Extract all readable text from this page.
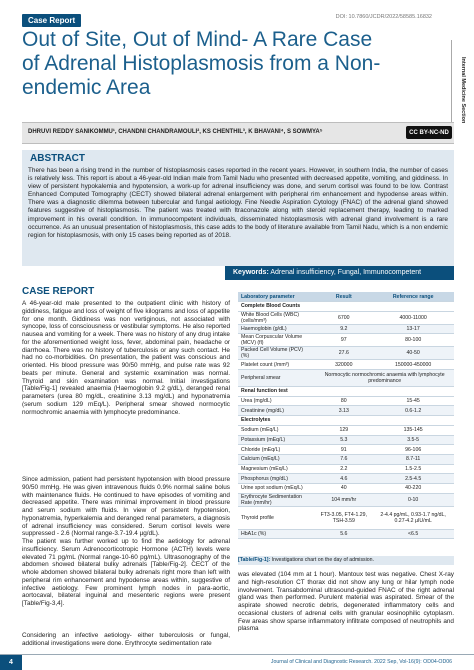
Case Report	DOI: 10.7860/JCDR/2022/58585.16832
Internal Medicine Section
Out of Site, Out of Mind- A Rare Case of Adrenal Histoplasmosis from a Non-endemic Area
DHRUVI REDDY SANIKOMMU¹, CHANDNI CHANDRAMOULI², KS CHENTHIL³, K BHAVANI⁴, S SOWMYA⁵	CC BY-NC-ND
ABSTRACT
There has been a rising trend in the number of histoplasmosis cases reported in the recent years. However, in southern India, the number of cases is relatively less. This report is about a 46-year-old Indian male from Tamil Nadu who presented with decreased appetite, vomiting, and giddiness. In view of persistent hypokalemia and hypotension, a work-up for adrenal insufficiency was done, and serum cortisol was found to be low. Contrast Enhanced Computed Tomography (CECT) showed bilateral adrenal enlargement with peripheral rim enhancement and hypodense areas within. There was a diagnostic dilemma between tubercular and fungal aetiology. Fine Needle Aspiration Cytology (FNAC) of the adrenal gland showed features suggestive of histoplasmosis. The patient was treated with Itraconazole along with steroid replacement therapy, leading to marked improvement in his overall condition. In immunocompetent individuals, disseminated histoplasmosis with adrenal gland involvement is a rare occurrence. As an unusual presentation of histoplasmosis, this case adds to the body of literature available from Tamil Nadu, which is a non endemic region for histoplasmosis, with only 15 cases being reported as of 2018.
Keywords: Adrenal insufficiency, Fungal, Immunocompetent
CASE REPORT
A 46-year-old male presented to the outpatient clinic with history of giddiness, fatigue and loss of weight of five kilograms and loss of appetite for one month. Giddiness was non vertiginous, not associated with syncope, loss of consciousness or vestibular symptoms. He also reported nausea and vomiting for a week. There was no history of any drug intake for the aforementioned weight loss, fever, abdominal pain, headache or diarrhoea. There was no history of tuberculosis or any such contact. He had no co-morbidities. On presentation, the patient was conscious and oriented. His blood pressure was 90/50 mmHg, and pulse rate was 92 beats per minute. General and systemic examination was normal. Thyroid and skin examination was normal. Initial investigations [Table/Fig-1] revealed anaemia (Haemoglobin 9.2 g/dL), deranged renal parameters (urea 80 mg/dL, creatinine 3.13 mg/dL) and hyponatremia (serum sodium 129 mEq/L). Peripheral smear showed normocytic normochromic anaemia with lymphocyte predominance.
Since admission, patient had persistent hypotension with blood pressure 90/50 mmHg. He was given intravenous fluids 0.9% normal saline bolus with maintenance fluids. He continued to have episodes of vomiting and decreased appetite. There was minimal improvement in blood pressure and serum sodium with fluids. In view of persistent hypotension, hyponatremia, hyperkalemia and deranged renal parameters, a diagnosis of adrenal insufficiency was considered. Serum cortisol levels were suppressed - 2.6 (Normal range-3.7-19.4 µg/dL).
The patient was further worked up to find the aetiology for adrenal insufficiency. Serum Adrenocorticotropic Hormone (ACTH) levels were elevated 71 pg/mL (Normal range-10-60 pg/mL). Ultrasonography of the abdomen showed bilateral bulky adrenals [Table/Fig-2]. CECT of the whole abdomen showed bilateral bulky adrenals right more than left with peripheral rim enhancement and hypodense areas within, suggestive of infective aetiology. Few prominent lymph nodes in para-aortic, aortocaval, bilateral inguinal and mesenteric regions were present [Table/Fig-3,4].
Considering an infective aetiology- either tuberculosis or fungal, additional investigations were done. Erythrocyte sedimentation rate
Laboratory parameter	Result	Reference range
Complete Blood Counts		
White Blood Cells (WBC) (cells/mm³)	6700	4000-11000
Haemoglobin (g/dL)	9.2	13-17
Mean Corpuscular Volume (MCV) (fl)	97	80-100
Packed Cell Volume (PCV) (%)	27.6	40-50
Platelet count (/mm³)	320000	150000-450000
Peripheral smear	Normocytic normochromic anaemia with lymphocyte predominance	
Renal function test		
Urea (mg/dL)	80	15-45
Creatinine (mg/dL)	3.13	0.6-1.2
Electrolytes		
Sodium (mEq/L)	129	135-145
Potassium (mEq/L)	5.3	3.5-5
Chloride (mEq/L)	91	96-106
Calcium (mEq/L)	7.6	8.7-11
Magnesium (mEq/L)	2.2	1.5-2.5
Phosphorus (mg/dL)	4.6	2.5-4.5
Urine spot sodium (mEq/L)	40	40-220
Erythrocyte Sedimentation Rate (mm/hr)	104 mm/hr	0-10
Thyroid profile	FT3-3.05, FT4-1.29, TSH-3.59	2-4.4 pg/mL, 0.93-1.7 ng/dL, 0.27-4.2 µIU/mL
HbA1c (%)	5.6	<6.5
[Table/Fig-1]: Investigations chart on the day of admission.
was elevated (104 mm at 1 hour). Mantoux test was negative. Chest X-ray and high-resolution CT thorax did not show any lung or hilar lymph node involvement. Transabdominal ultrasound-guided FNAC of the right adrenal gland was then performed. Purulent material was aspirated. Smear of the aspirate showed necrotic debris, degenerated inflammatory cells and occasional clusters of adrenal cells with granular eosinophilic cytoplasm. Few areas show sparse inflammatory infiltrate composed of neutrophils and plasma
4	Journal of Clinical and Diagnostic Research. 2022 Sep, Vol-16(9): OD04-OD06
